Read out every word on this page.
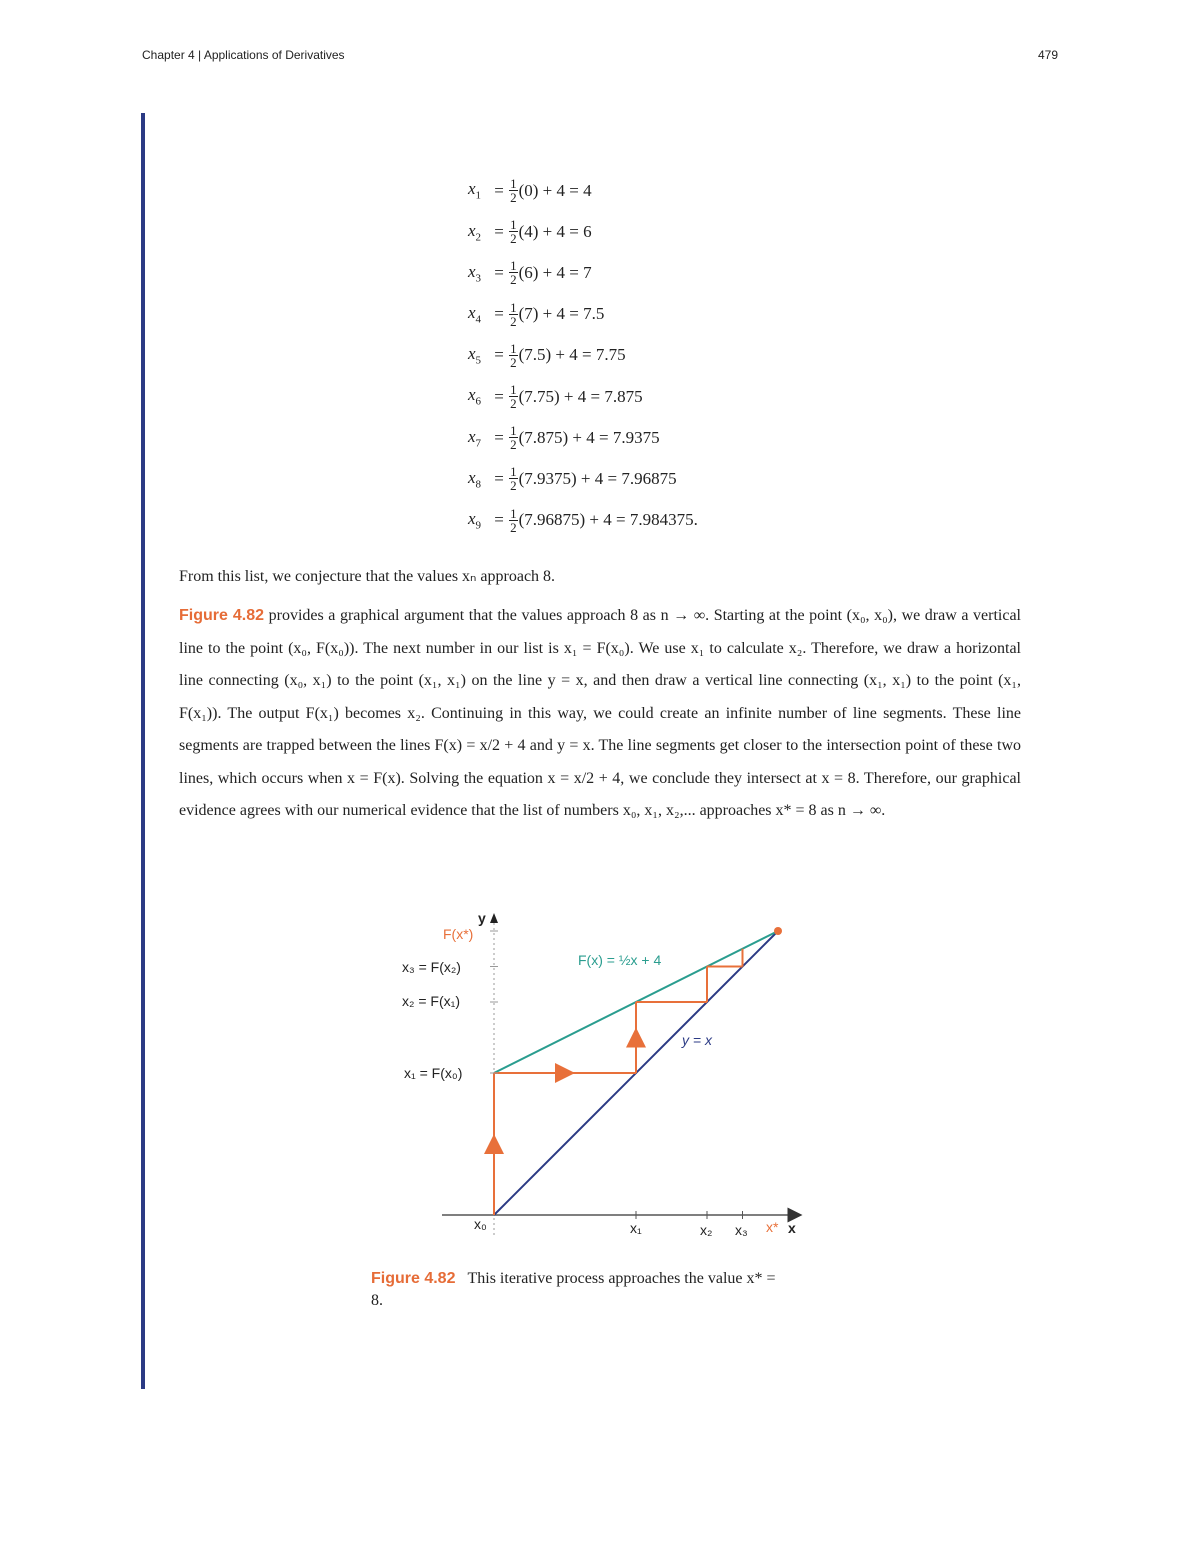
Chapter 4 | Applications of Derivatives	479
$x_1 = \frac{1}{2} (0) + 4 = 4$
$x_2 = \frac{1}{2} (4) + 4 = 6$
$x_3 = \frac{1}{2} (6) + 4 = 7$
$x_4 = \frac{1}{2} (7) + 4 = 7.5$
$x_5 = \frac{1}{2} (7.5) + 4 = 7.75$
$x_6 = \frac{1}{2} (7.75) + 4 = 7.875$
$x_7 = \frac{1}{2} (7.875) + 4 = 7.9375$
$x_8 = \frac{1}{2} (7.9375) + 4 = 7.96875$
$x_9 = \frac{1}{2} (7.96875) + 4 = 7.984375$.
From this list, we conjecture that the values xₙ approach 8.
Figure 4.82 provides a graphical argument that the values approach 8 as n → ∞. Starting at the point (x₀, x₀), we draw a vertical line to the point (x₀, F(x₀)). The next number in our list is x₁ = F(x₀). We use x₁ to calculate x₂. Therefore, we draw a horizontal line connecting (x₀, x₁) to the point (x₁, x₁) on the line y = x, and then draw a vertical line connecting (x₁, x₁) to the point (x₁, F(x₁)). The output F(x₁) becomes x₂. Continuing in this way, we could create an infinite number of line segments. These line segments are trapped between the lines F(x) = x/2 + 4 and y = x. The line segments get closer to the intersection point of these two lines, which occurs when x = F(x). Solving the equation x = x/2 + 4, we conclude they intersect at x = 8. Therefore, our graphical evidence agrees with our numerical evidence that the list of numbers x₀, x₁, x₂,... approaches x* = 8 as n → ∞.
y
x
F(x*)
x₃ = F(x₂)
x₂ = F(x₁)
x₁ = F(x₀)
x₀	x₁	x₂ x₃ x*
F(x) = ½x + 4
y = x
Figure 4.82 This iterative process approaches the value x* = 8.
